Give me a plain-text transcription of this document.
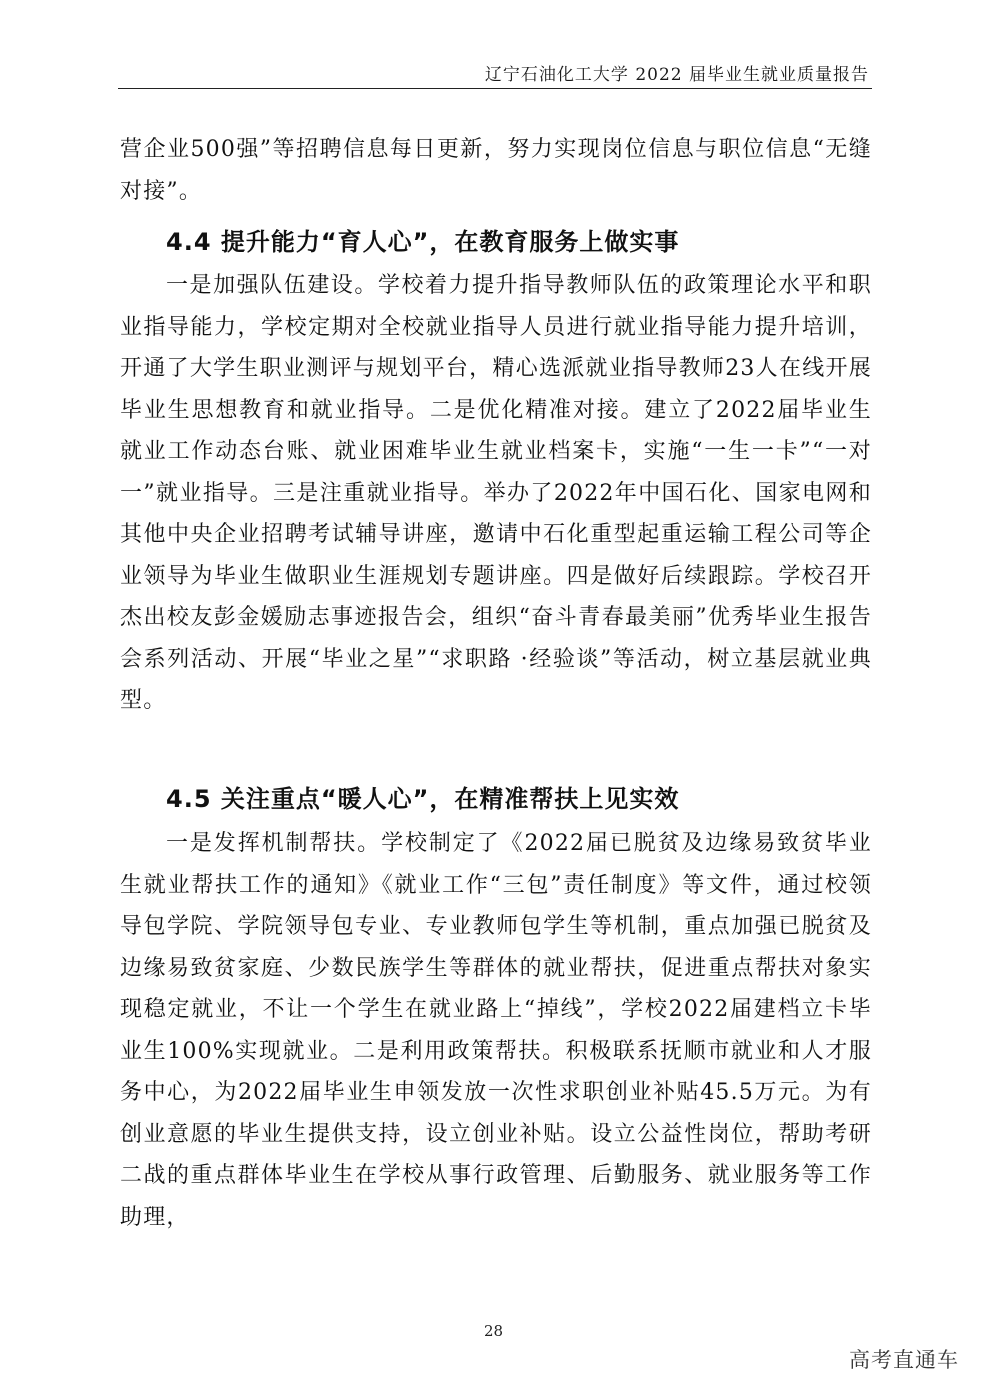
辽宁石油化工大学 2022 届毕业生就业质量报告
营企业500强”等招聘信息每日更新，努力实现岗位信息与职位信息“无缝对接”。
4.4 提升能力“育人心”，在教育服务上做实事
一是加强队伍建设。学校着力提升指导教师队伍的政策理论水平和职业指导能力，学校定期对全校就业指导人员进行就业指导能力提升培训，开通了大学生职业测评与规划平台，精心选派就业指导教师23人在线开展毕业生思想教育和就业指导。二是优化精准对接。建立了2022届毕业生就业工作动态台账、就业困难毕业生就业档案卡，实施“一生一卡”“一对一”就业指导。三是注重就业指导。举办了2022年中国石化、国家电网和其他中央企业招聘考试辅导讲座，邀请中石化重型起重运输工程公司等企业领导为毕业生做职业生涯规划专题讲座。四是做好后续跟踪。学校召开杰出校友彭金媛励志事迹报告会，组织“奋斗青春最美丽”优秀毕业生报告会系列活动、开展“毕业之星”“求职路 ·经验谈”等活动，树立基层就业典型。
4.5 关注重点“暖人心”，在精准帮扶上见实效
一是发挥机制帮扶。学校制定了《2022届已脱贫及边缘易致贫毕业生就业帮扶工作的通知》《就业工作“三包”责任制度》等文件，通过校领导包学院、学院领导包专业、专业教师包学生等机制，重点加强已脱贫及边缘易致贫家庭、少数民族学生等群体的就业帮扶，促进重点帮扶对象实现稳定就业，不让一个学生在就业路上“掉线”，学校2022届建档立卡毕业生100%实现就业。二是利用政策帮扶。积极联系抚顺市就业和人才服务中心，为2022届毕业生申领发放一次性求职创业补贴45.5万元。为有创业意愿的毕业生提供支持，设立创业补贴。设立公益性岗位，帮助考研二战的重点群体毕业生在学校从事行政管理、后勤服务、就业服务等工作助理，
28
高考直通车
